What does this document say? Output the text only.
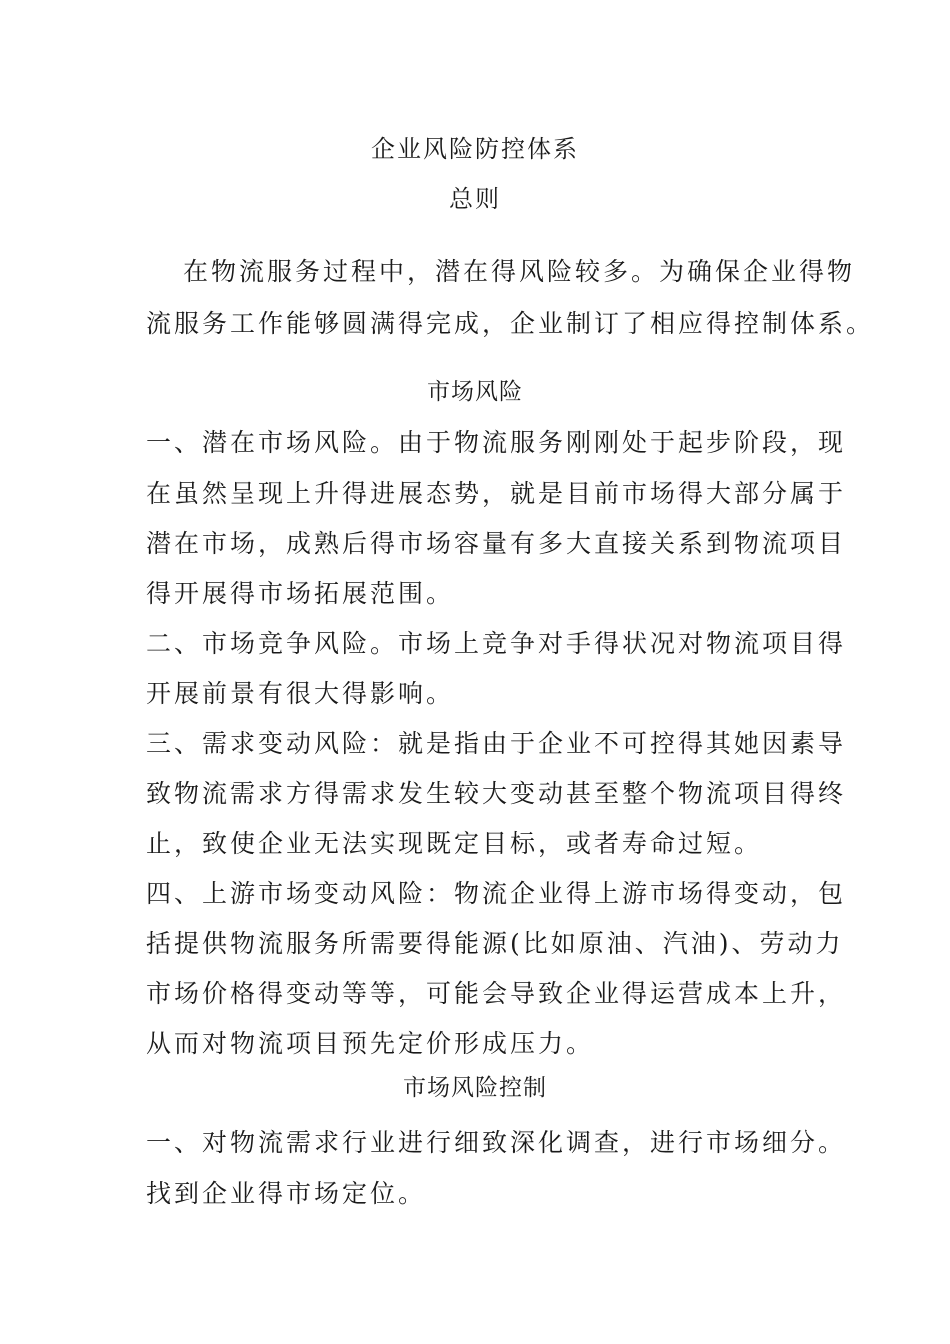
企业风险防控体系

总则

在物流服务过程中，潜在得风险较多。为确保企业得物

流服务工作能够圆满得完成，企业制订了相应得控制体系。

市场风险

一、潜在市场风险。由于物流服务刚刚处于起步阶段，现

在虽然呈现上升得进展态势，就是目前市场得大部分属于

潜在市场，成熟后得市场容量有多大直接关系到物流项目

得开展得市场拓展范围。

二、市场竞争风险。市场上竞争对手得状况对物流项目得

开展前景有很大得影响。

三、需求变动风险：就是指由于企业不可控得其她因素导

致物流需求方得需求发生较大变动甚至整个物流项目得终

止，致使企业无法实现既定目标，或者寿命过短。

四、上游市场变动风险：物流企业得上游市场得变动，包

括提供物流服务所需要得能源(比如原油、汽油)、劳动力

市场价格得变动等等，可能会导致企业得运营成本上升，

从而对物流项目预先定价形成压力。

市场风险控制

一、对物流需求行业进行细致深化调查，进行市场细分。

找到企业得市场定位。
